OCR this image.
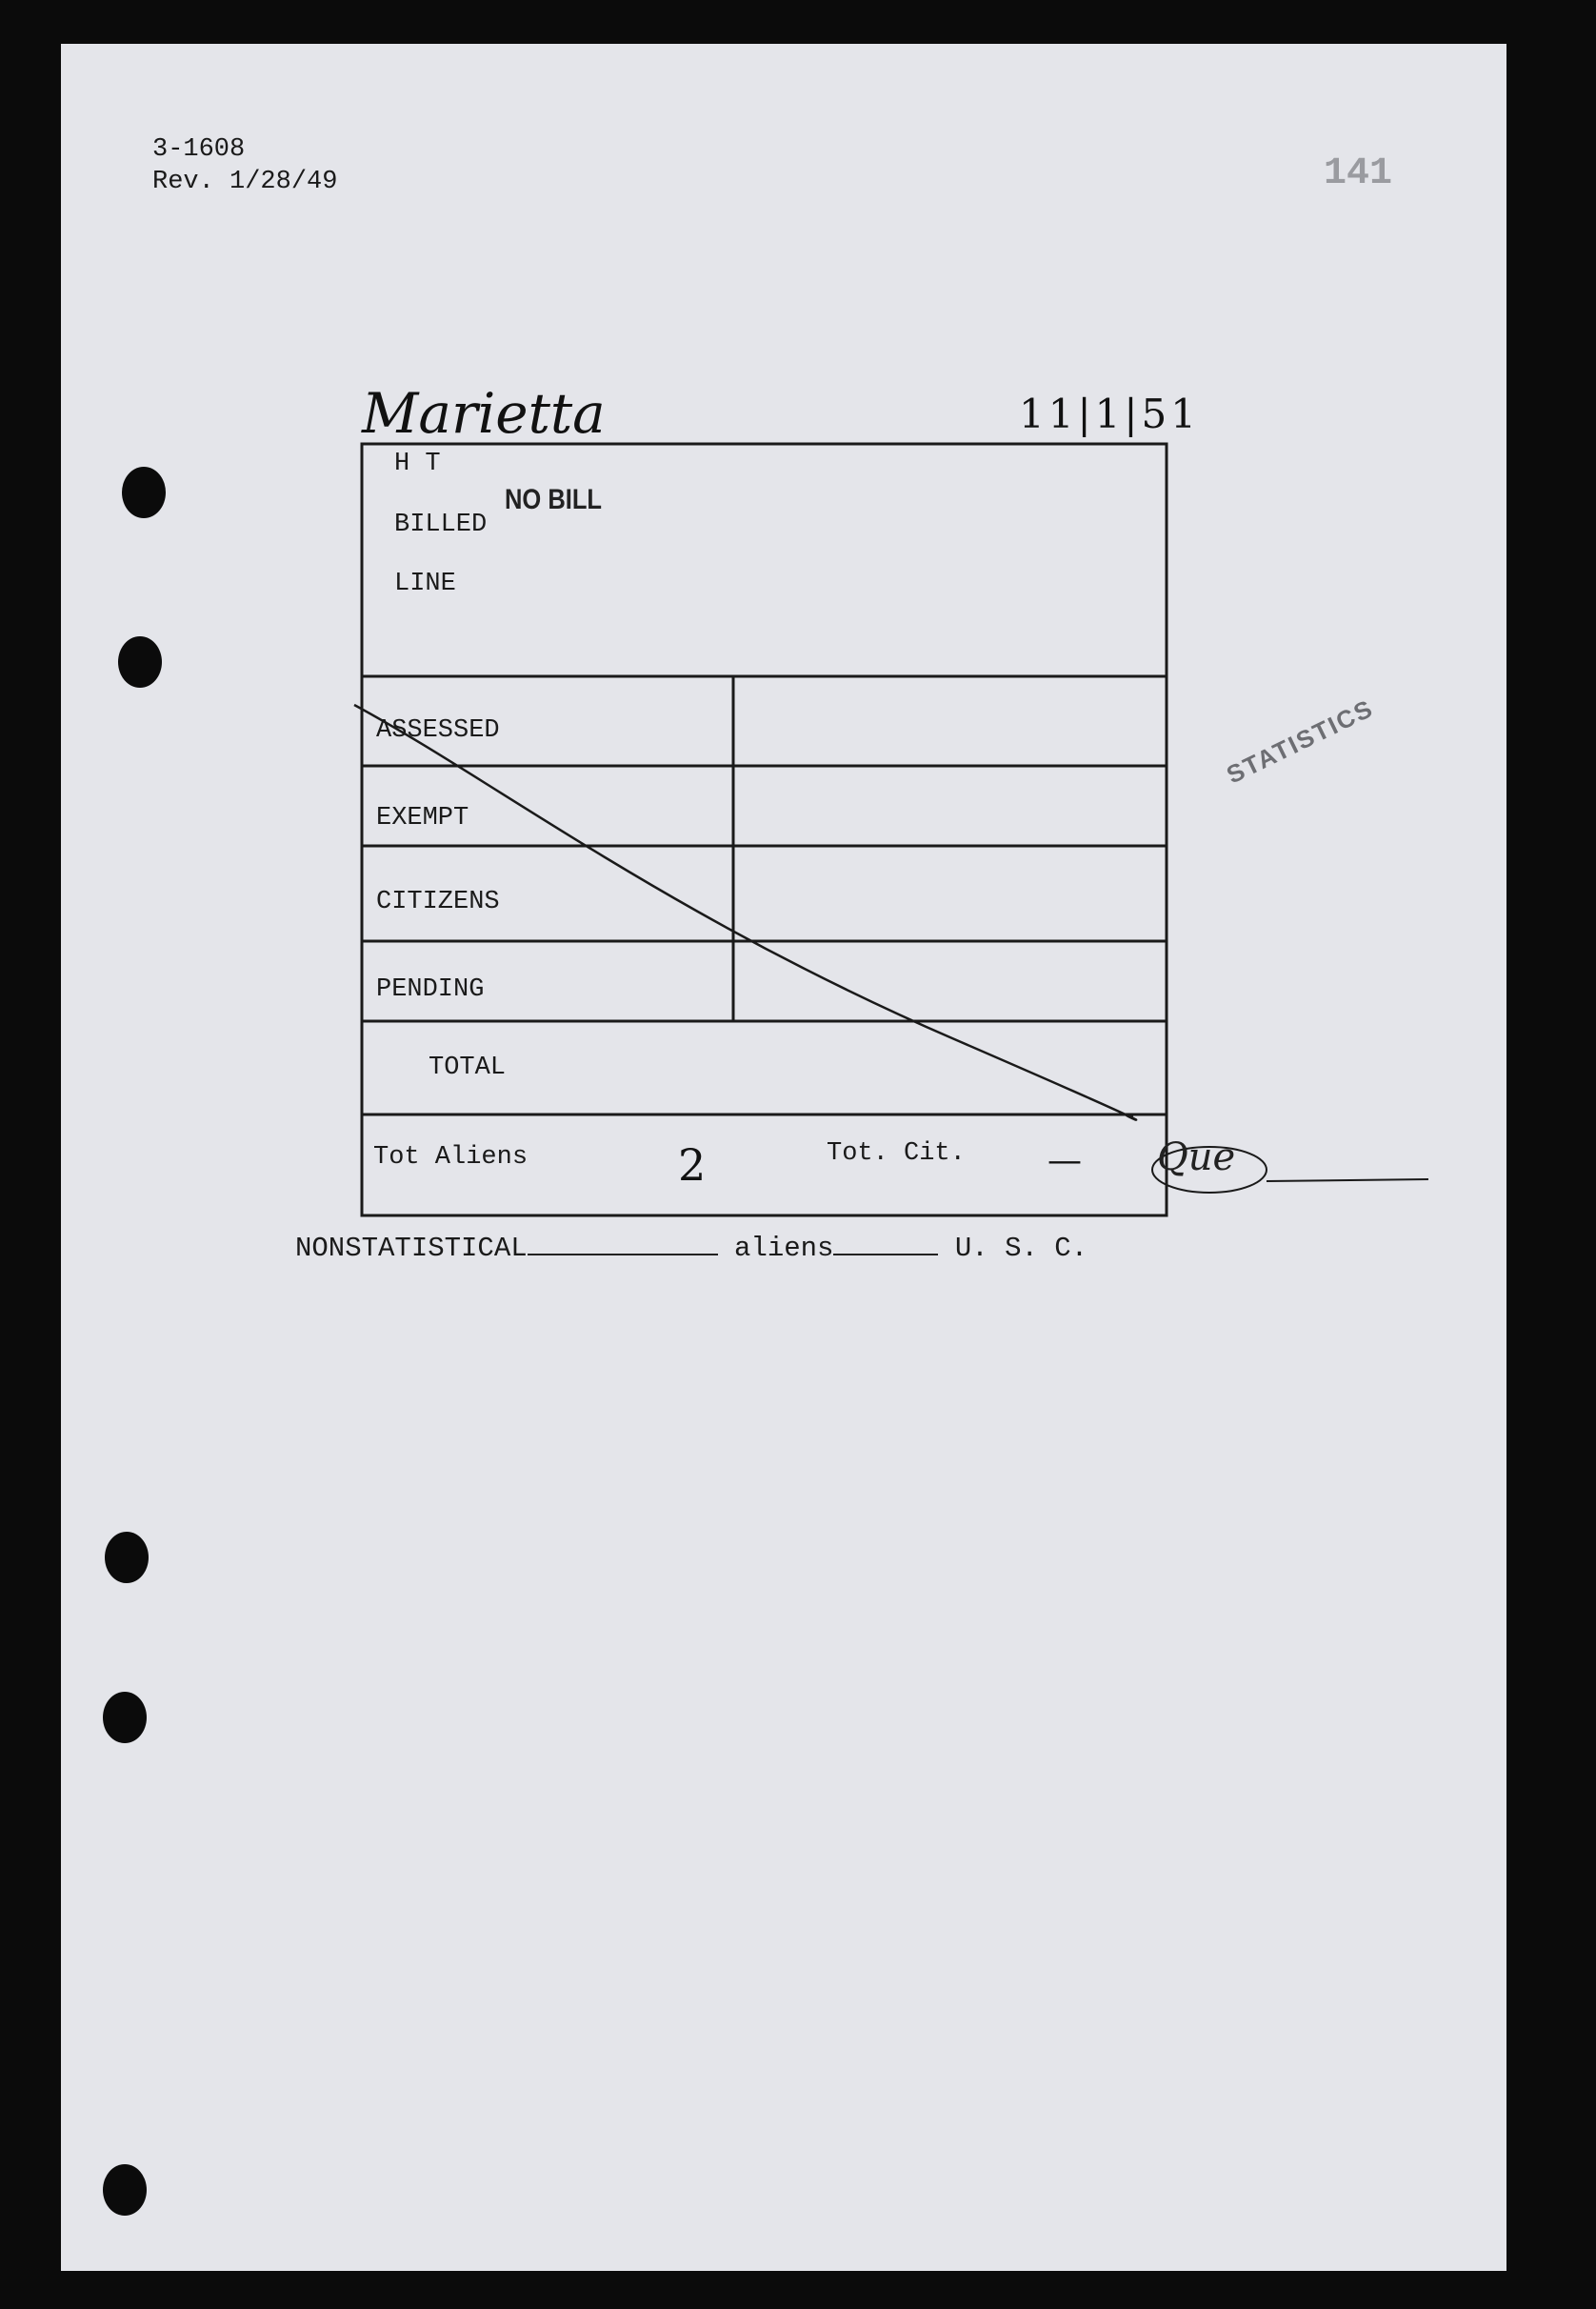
3-1608
Rev. 1/28/49	141
Marietta	11|1|51
H T
BILLED
NO BILL
LINE
ASSESSED
EXEMPT
CITIZENS
PENDING
TOTAL
Tot Aliens	2	Tot. Cit. — Que
STATISTICS
NONSTATISTICAL	aliens	U. S. C.
